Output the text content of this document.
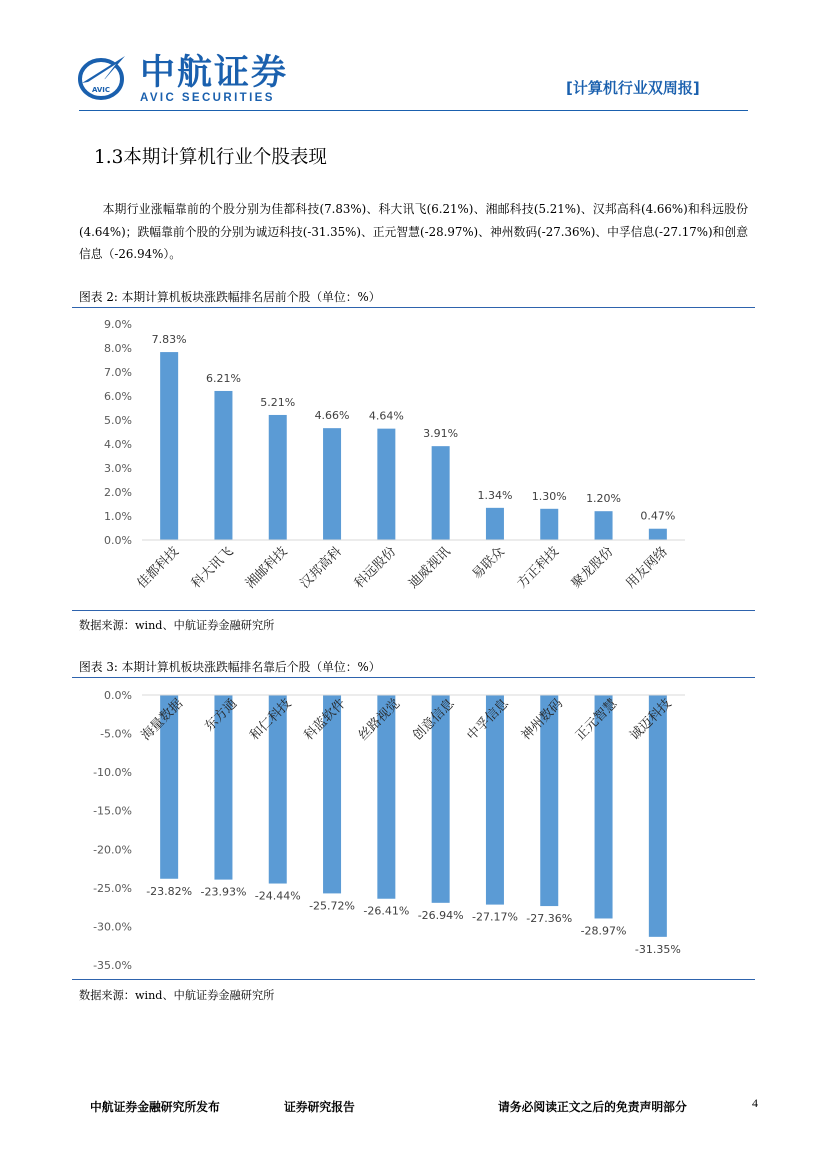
AVIC 中航证券
AVIC SECURITIES
[计算机行业双周报]
1.3本期计算机行业个股表现

本期行业涨幅靠前的个股分别为佳都科技(7.83%)、科大讯飞(6.21%)、湘邮科技(5.21%)、汉邦高科(4.66%)和科远股份(4.64%)；跌幅靠前个股的分别为诚迈科技(-31.35%)、正元智慧(-28.97%)、神州数码(-27.36%)、中孚信息(-27.17%)和创意信息（-26.94%）。

图表 2: 本期计算机板块涨跌幅排名居前个股（单位：%）
0.0%
1.0%
2.0%
3.0%
4.0%
5.0%
6.0%
7.0%
8.0%
9.0%
7.83%
6.21%
5.21%
4.66% 4.64%
3.91%
1.34% 1.30% 1.20%
0.47%
佳都科技 科大讯飞 湘邮科技 汉邦高科 科远股份 迪威视讯 易联众 方正科技 聚龙股份 用友网络
数据来源：wind、中航证券金融研究所
图表 3: 本期计算机板块涨跌幅排名靠后个股（单位：%）
0.0%
-5.0%
-10.0%
-15.0%
-20.0%
-25.0%
-30.0%
-35.0%
-23.82% -23.93% -24.44%
-25.72% -26.41% -26.94% -27.17% -27.36%
-28.97%
-31.35%
海量数据 东方通 和仁科技 科蓝软件 丝路视觉 创意信息 中孚信息 神州数码 正元智慧 诚迈科技
数据来源：wind、中航证券金融研究所
中航证券金融研究所发布	证券研究报告	请务必阅读正文之后的免责声明部分	4
